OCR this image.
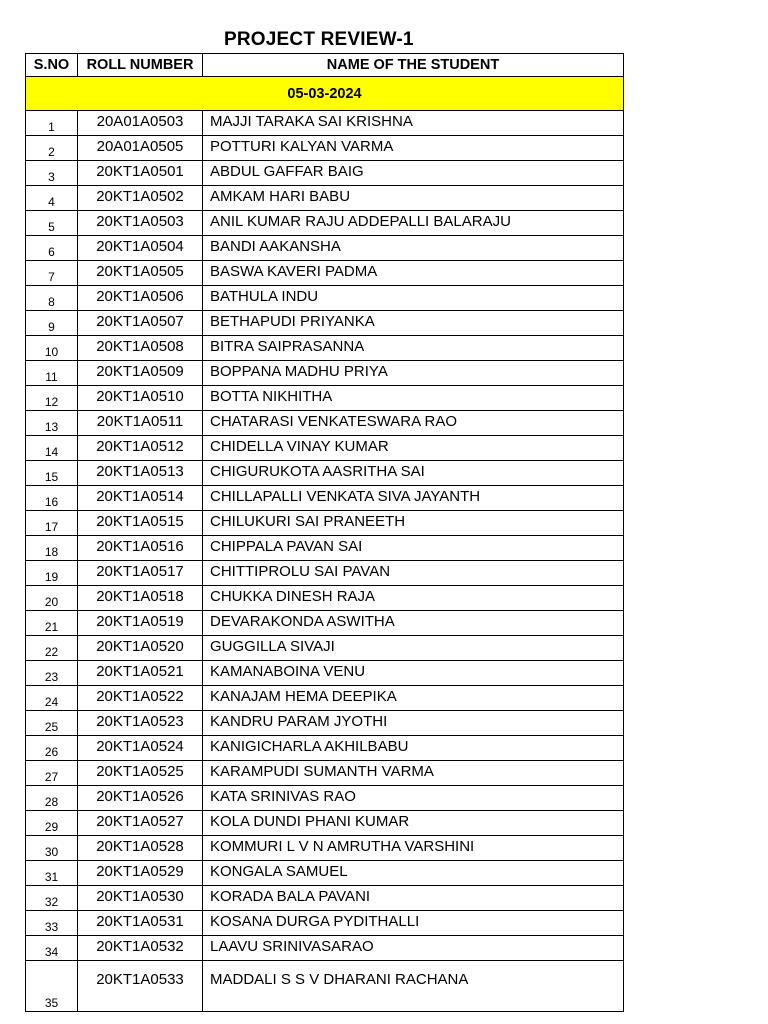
PROJECT REVIEW-1
S.NO	ROLL NUMBER	NAME OF THE STUDENT
05-03-2024		
1	20A01A0503	MAJJI TARAKA SAI KRISHNA
2	20A01A0505	POTTURI KALYAN VARMA
3	20KT1A0501	ABDUL GAFFAR BAIG
4	20KT1A0502	AMKAM HARI BABU
5	20KT1A0503	ANIL KUMAR RAJU ADDEPALLI BALARAJU
6	20KT1A0504	BANDI AAKANSHA
7	20KT1A0505	BASWA KAVERI PADMA
8	20KT1A0506	BATHULA INDU
9	20KT1A0507	BETHAPUDI PRIYANKA
10	20KT1A0508	BITRA SAIPRASANNA
11	20KT1A0509	BOPPANA MADHU PRIYA
12	20KT1A0510	BOTTA NIKHITHA
13	20KT1A0511	CHATARASI VENKATESWARA RAO
14	20KT1A0512	CHIDELLA VINAY KUMAR
15	20KT1A0513	CHIGURUKOTA AASRITHA SAI
16	20KT1A0514	CHILLAPALLI VENKATA SIVA JAYANTH
17	20KT1A0515	CHILUKURI SAI PRANEETH
18	20KT1A0516	CHIPPALA PAVAN SAI
19	20KT1A0517	CHITTIPROLU SAI PAVAN
20	20KT1A0518	CHUKKA DINESH RAJA
21	20KT1A0519	DEVARAKONDA ASWITHA
22	20KT1A0520	GUGGILLA SIVAJI
23	20KT1A0521	KAMANABOINA VENU
24	20KT1A0522	KANAJAM HEMA DEEPIKA
25	20KT1A0523	KANDRU PARAM JYOTHI
26	20KT1A0524	KANIGICHARLA AKHILBABU
27	20KT1A0525	KARAMPUDI SUMANTH VARMA
28	20KT1A0526	KATA SRINIVAS RAO
29	20KT1A0527	KOLA DUNDI PHANI KUMAR
30	20KT1A0528	KOMMURI L V N AMRUTHA VARSHINI
31	20KT1A0529	KONGALA SAMUEL
32	20KT1A0530	KORADA BALA PAVANI
33	20KT1A0531	KOSANA DURGA PYDITHALLI
34	20KT1A0532	LAAVU SRINIVASARAO
35	20KT1A0533	MADDALI S S V DHARANI RACHANA
